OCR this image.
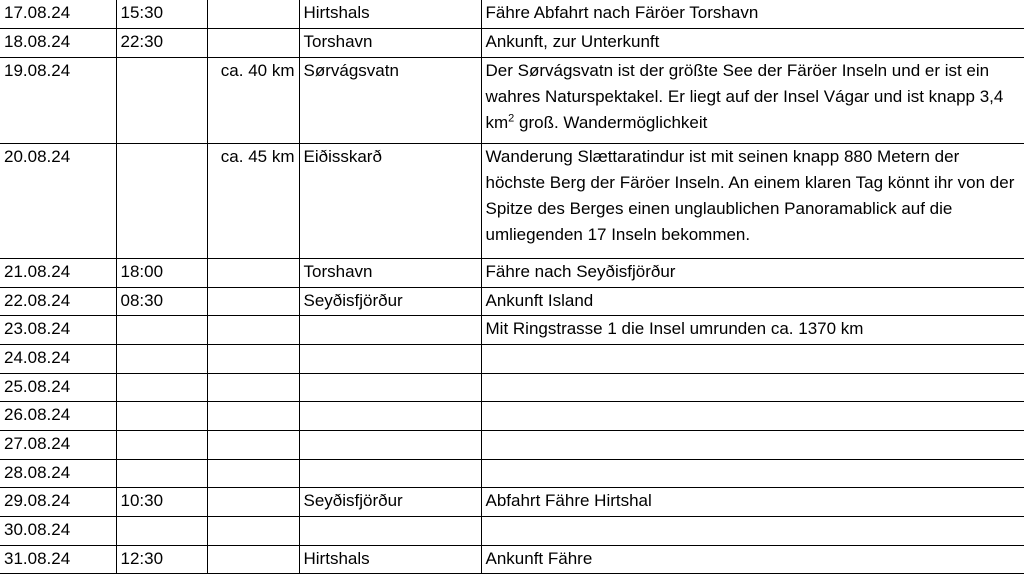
17.08.24	15:30		Hirtshals	Fähre Abfahrt nach Färöer Torshavn
18.08.24	22:30		Torshavn	Ankunft, zur Unterkunft
19.08.24		ca. 40 km	Sørvágsvatn	Der Sørvágsvatn ist der größte See der Färöer Inseln und er ist ein wahres Naturspektakel. Er liegt auf der Insel Vágar und ist knapp 3,4 $km^2$ groß. Wandermöglichkeit
20.08.24		ca. 45 km	Eiðisskarð	Wanderung Slættaratindur ist mit seinen knapp 880 Metern der höchste Berg der Färöer Inseln. An einem klaren Tag könnt ihr von der Spitze des Berges einen unglaublichen Panoramablick auf die umliegenden 17 Inseln bekommen.
21.08.24	18:00		Torshavn	Fähre nach Seyðisfjörður
22.08.24	08:30		Seyðisfjörður	Ankunft Island
23.08.24				Mit Ringstrasse 1 die Insel umrunden ca. 1370 km
24.08.24				
25.08.24				
26.08.24				
27.08.24				
28.08.24				
29.08.24	10:30		Seyðisfjörður	Abfahrt Fähre Hirtshal
30.08.24				
31.08.24	12:30		Hirtshals	Ankunft Fähre
